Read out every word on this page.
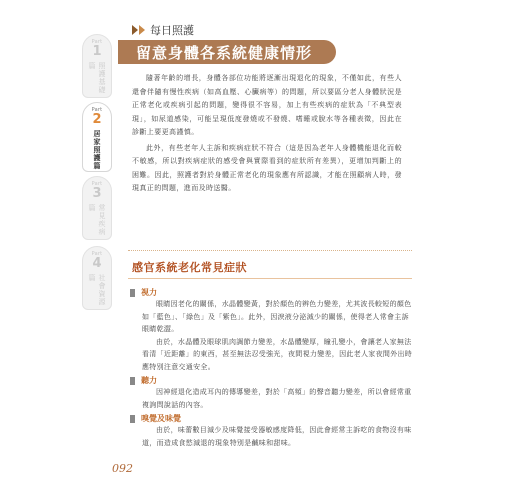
Part
1
照護基礎篇
Part
2
居家照護篇
Part
3
常見疾病篇
Part
4
社會資源篇
每日照護
留意身體各系統健康情形

隨著年齡的增長，身體各部位功能將逐漸出現退化的現象，不僅如此，有些人還會伴隨有慢性疾病（如高血壓、心臟病等）的問題，所以要區分老人身體狀況是正常老化或疾病引起的問題，變得很不容易，加上有些疾病的症狀為「不典型表現」，如尿道感染，可能呈現低度發燒或不發燒、嗜睡或脫水等各種表徵，因此在診斷上要更高謹慎。

此外，有些老年人主訴和疾病症狀不符合（這是因為老年人身體機能退化而較不敏感，所以對疾病症狀的感受會與實際看到的症狀所有差異），更增加判斷上的困難。因此，照護者對於身體正常老化的現象應有所認識，才能在照顧病人時，發現真正的問題，進而及時送醫。

感官系統老化常見症狀
視力

眼睛因老化的關係，水晶體變黃，對於顏色的辨色力變差，尤其波長較短的顏色如「藍色」、「綠色」及「紫色」。此外，因淚液分泌減少的關係，使得老人常會主訴眼睛乾澀。

由於，水晶體及眼球肌肉調節力變差，水晶體變厚，瞳孔變小，會讓老人家無法看清「近距離」的東西，甚至無法忍受強光，夜間視力變差，因此老人家夜間外出時應特別注意交通安全。

聽力

因神經退化造成耳內的傳導變差，對於「高頻」的聲音聽力變差，所以會經常重複詢問說話的內容。

嗅覺及味覺

由於，味蕾數目減少及味覺接受器敏感度降低，因此會經常主訴吃的食物沒有味道，而造成食慾減退的現象特別是鹹味和甜味。

092
